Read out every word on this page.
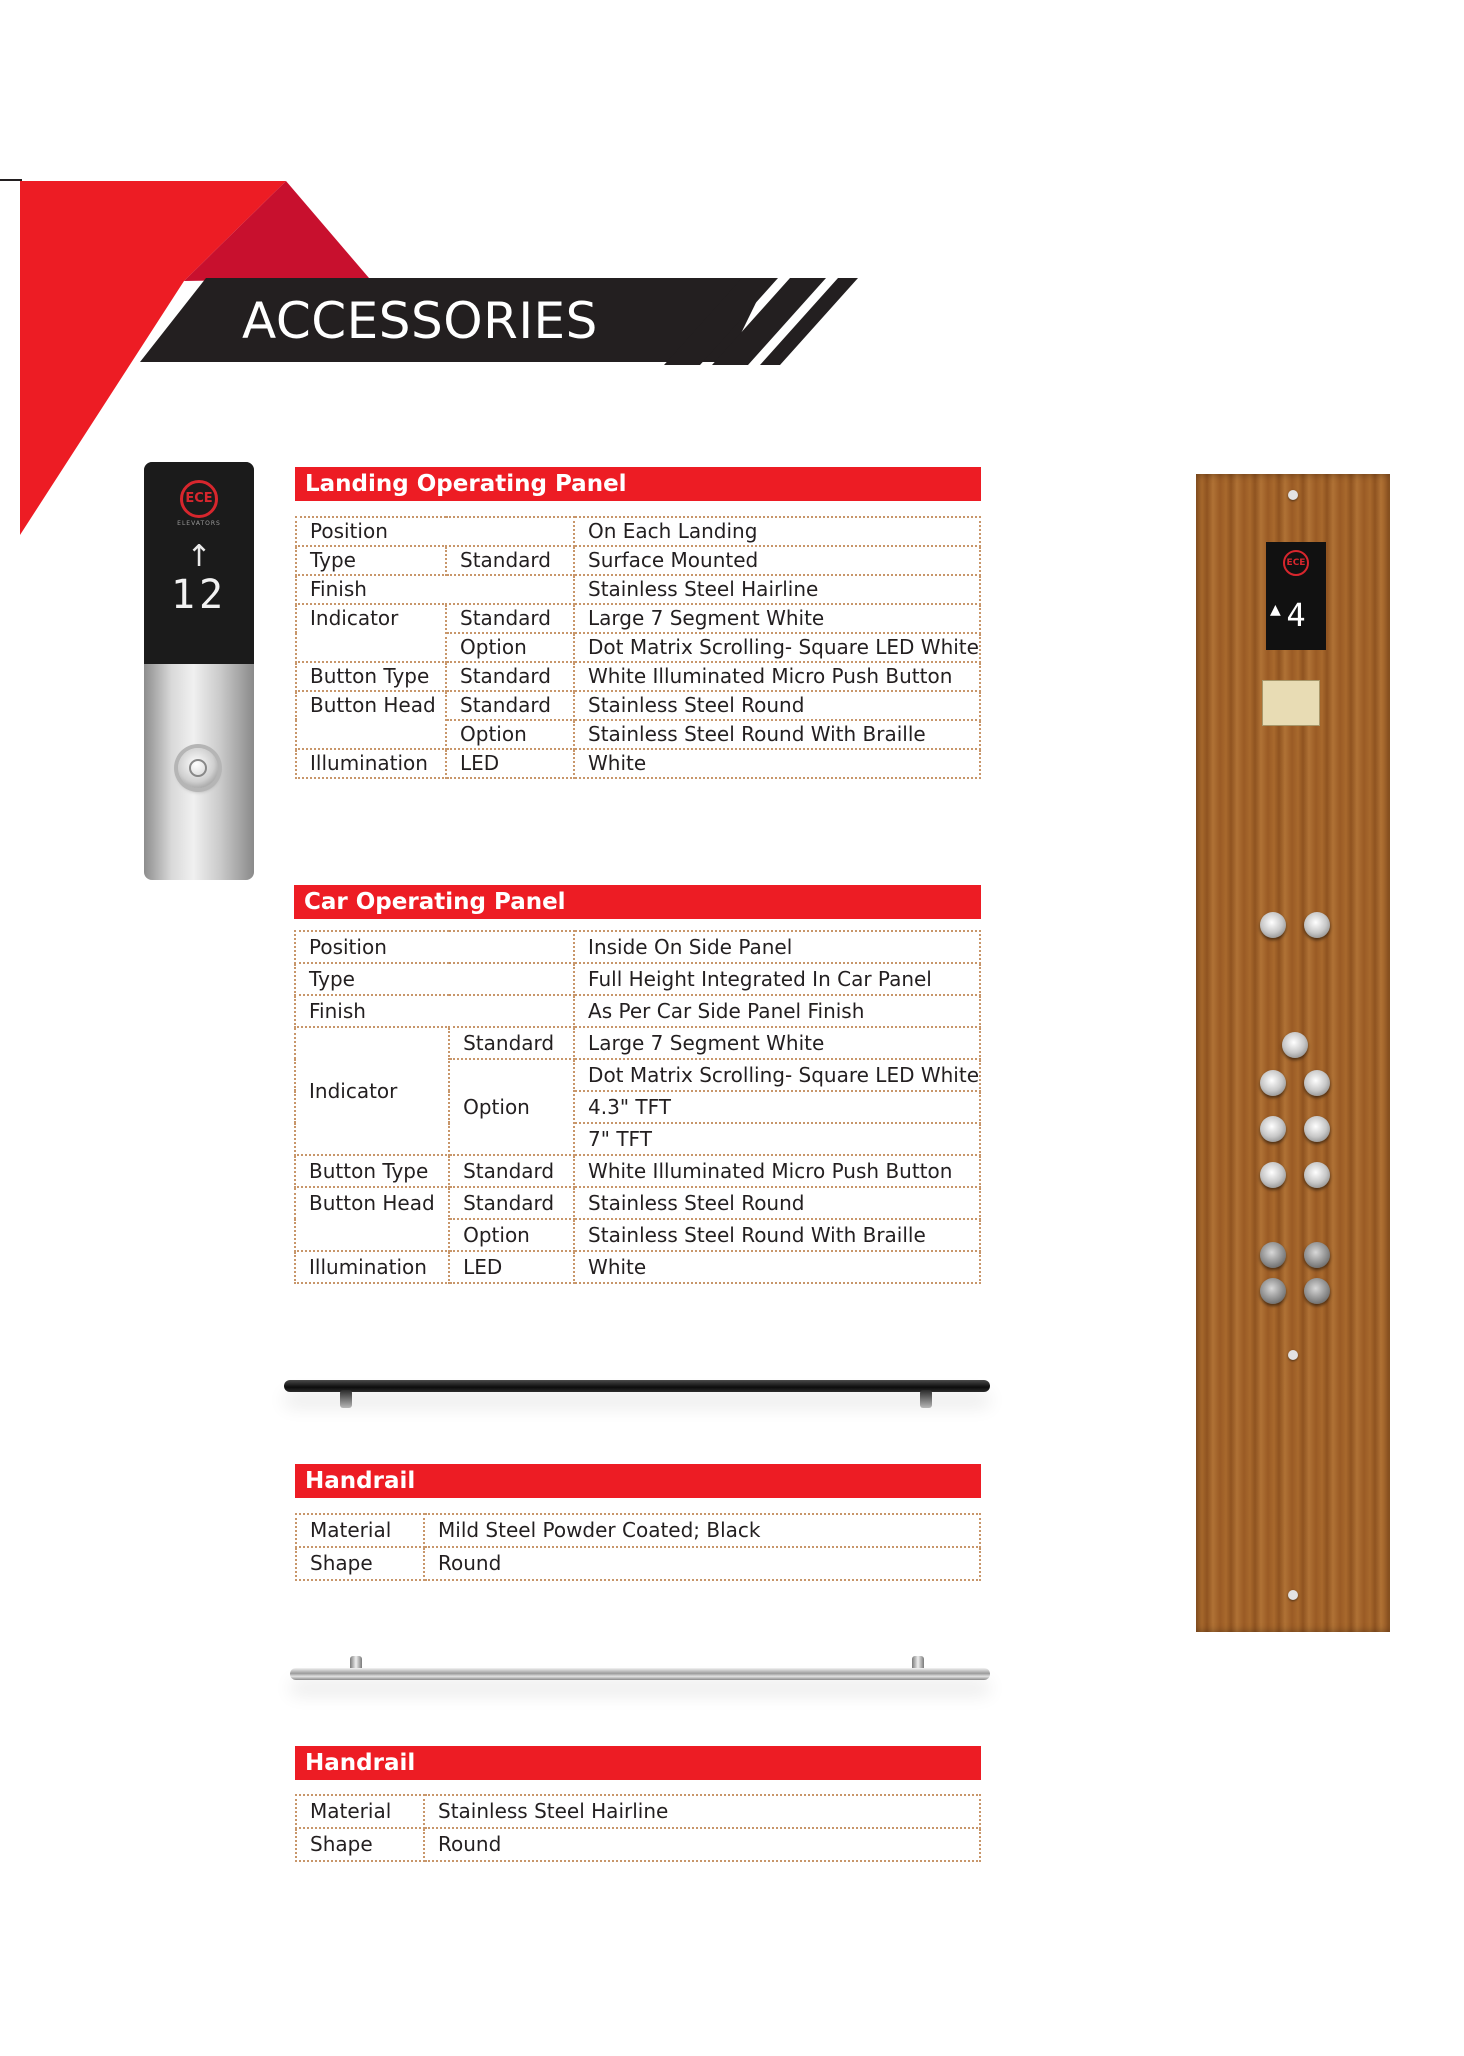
ACCESSORIES
ECE
ELEVATORS
↑
12
Landing Operating Panel
Position		On Each Landing
Type	Standard	Surface Mounted
Finish		Stainless Steel Hairline
Indicator	Standard	Large 7 Segment White
	Option	Dot Matrix Scrolling- Square LED White
Button Type	Standard	White Illuminated Micro Push Button
Button Head	Standard	Stainless Steel Round
	Option	Stainless Steel Round With Braille
Illumination	LED	White
Car Operating Panel
Position		Inside On Side Panel
Type		Full Height Integrated In Car Panel
Finish		As Per Car Side Panel Finish
Indicator	Standard	Large 7 Segment White
	Option	Dot Matrix Scrolling- Square LED White
		4.3" TFT
		7" TFT
Button Type	Standard	White Illuminated Micro Push Button
Button Head	Standard	Stainless Steel Round
	Option	Stainless Steel Round With Braille
Illumination	LED	White
Handrail
Material	Mild Steel Powder Coated; Black
Shape	Round
Handrail
Material	Stainless Steel Hairline
Shape	Round
ECE
▲ 4
